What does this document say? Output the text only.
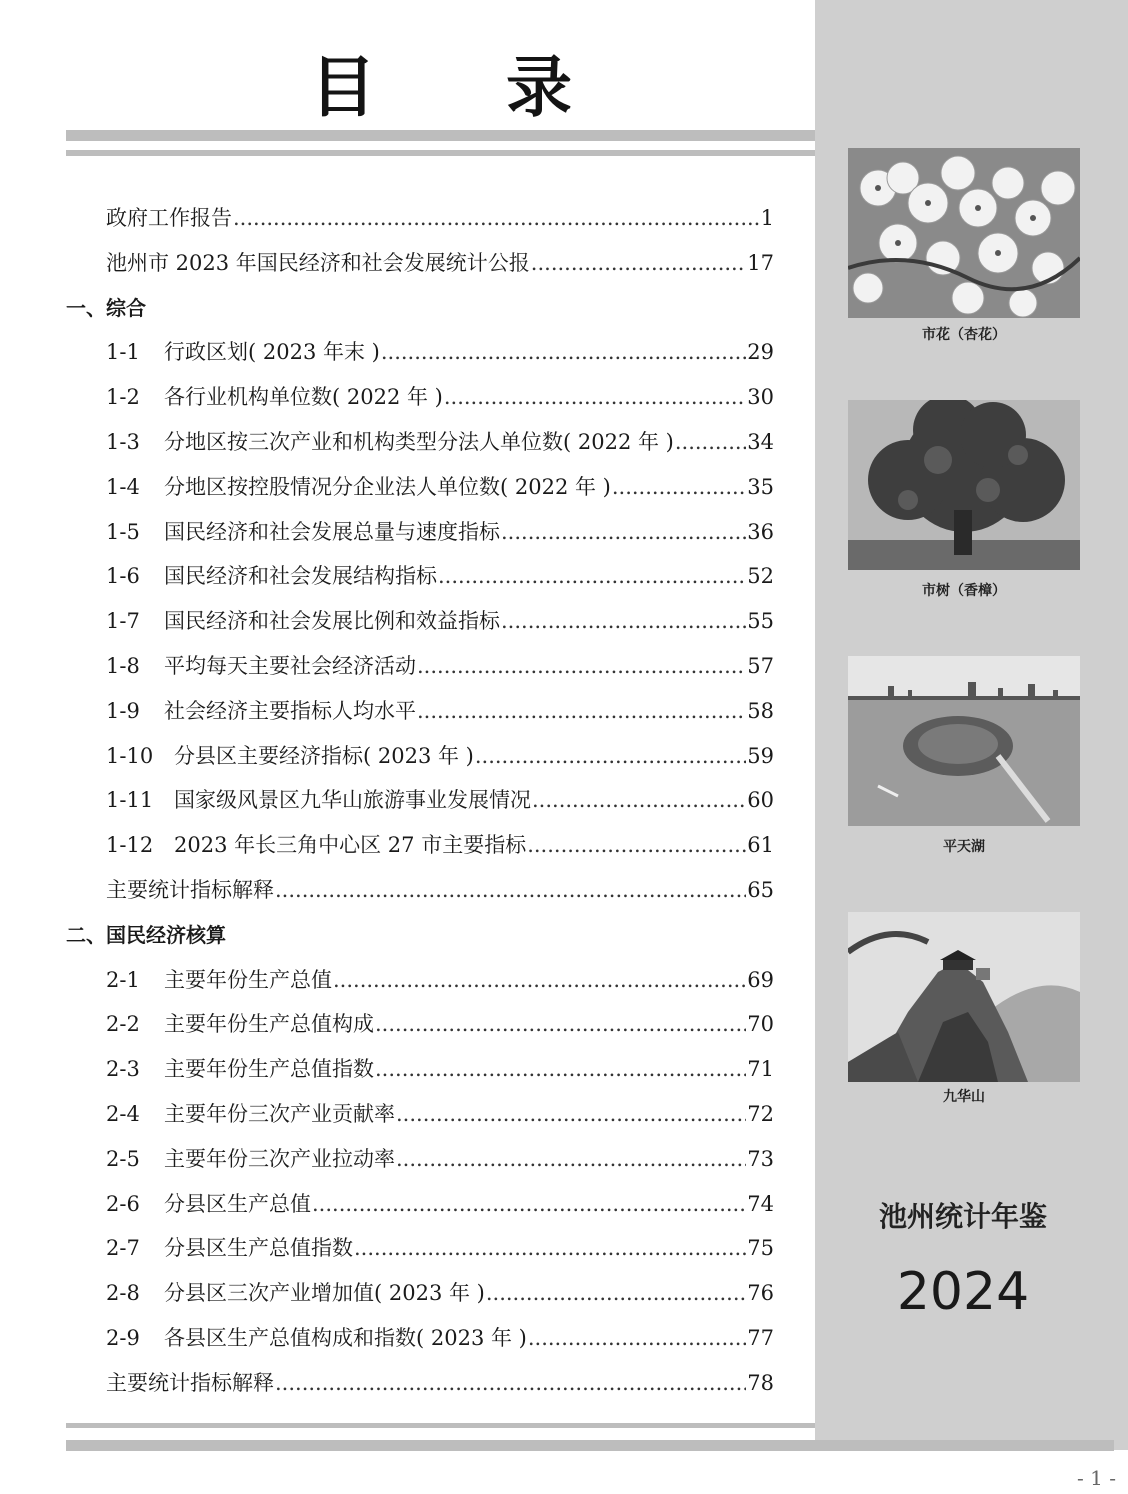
目 录
政府工作报告 .....	1
池州市 2023 年国民经济和社会发展统计公报 .....	17
一、综合
1-1	行政区划( 2023 年末 ) .....	29
1-2	各行业机构单位数( 2022 年 ) .....	30
1-3	分地区按三次产业和机构类型分法人单位数( 2022 年 ) .....	34
1-4	分地区按控股情况分企业法人单位数( 2022 年 ) .....	35
1-5	国民经济和社会发展总量与速度指标 .....	36
1-6	国民经济和社会发展结构指标 .....	52
1-7	国民经济和社会发展比例和效益指标 .....	55
1-8	平均每天主要社会经济活动 .....	57
1-9	社会经济主要指标人均水平 .....	58
1-10 分县区主要经济指标( 2023 年 ) .....	59
1-11 国家级风景区九华山旅游事业发展情况 .....	60
1-12 2023 年长三角中心区 27 市主要指标 .....	61
主要统计指标解释 .....	65
二、国民经济核算
2-1	主要年份生产总值 .....	69
2-2	主要年份生产总值构成 .....	70
2-3	主要年份生产总值指数 .....	71
2-4	主要年份三次产业贡献率 .....	72
2-5	主要年份三次产业拉动率 .....	73
2-6	分县区生产总值 .....	74
2-7	分县区生产总值指数 .....	75
2-8	分县区三次产业增加值( 2023 年 ) .....	76
2-9	各县区生产总值构成和指数( 2023 年 ) .....	77
主要统计指标解释 .....	78
市花（杏花）
市树（香樟）
平天湖
九华山
池州统计年鉴
2024
- 1 -
